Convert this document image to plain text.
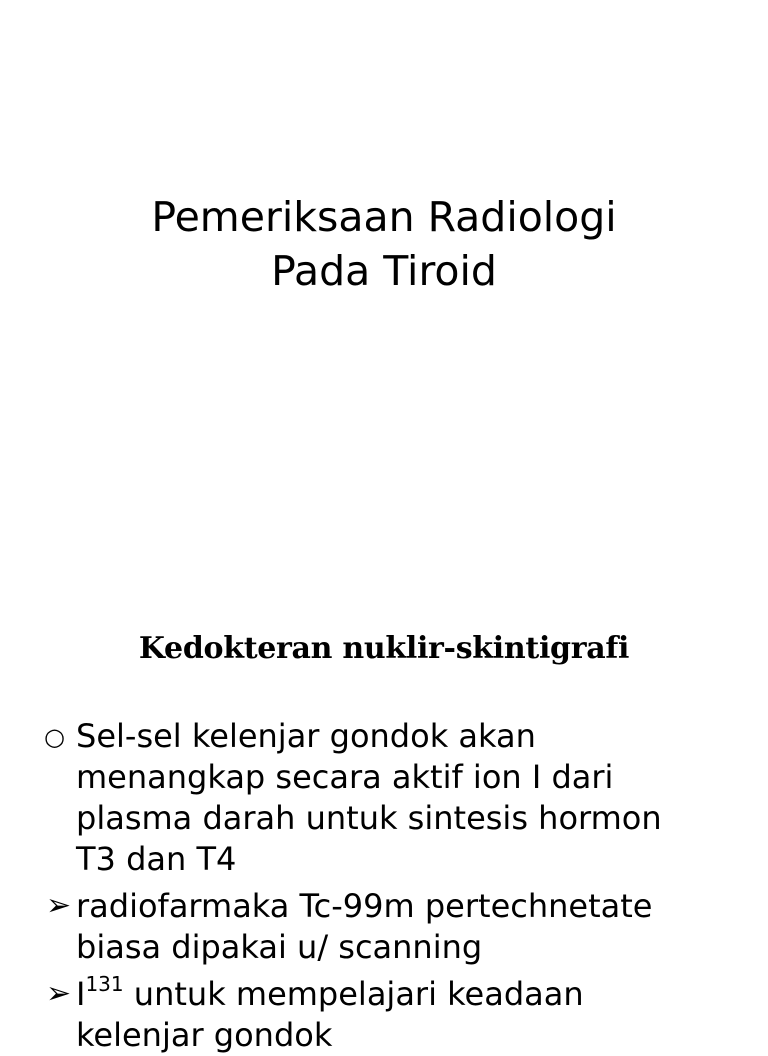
Pemeriksaan Radiologi
Pada Tiroid
Kedokteran nuklir-skintigrafi
○ Sel-sel kelenjar gondok akan
menangkap secara aktif ion I dari
plasma darah untuk sintesis hormon
T3 dan T4
➢ radiofarmaka Tc-99m pertechnetate
biasa dipakai u/ scanning
➢ $I^{131}$ untuk mempelajari keadaan
kelenjar gondok
